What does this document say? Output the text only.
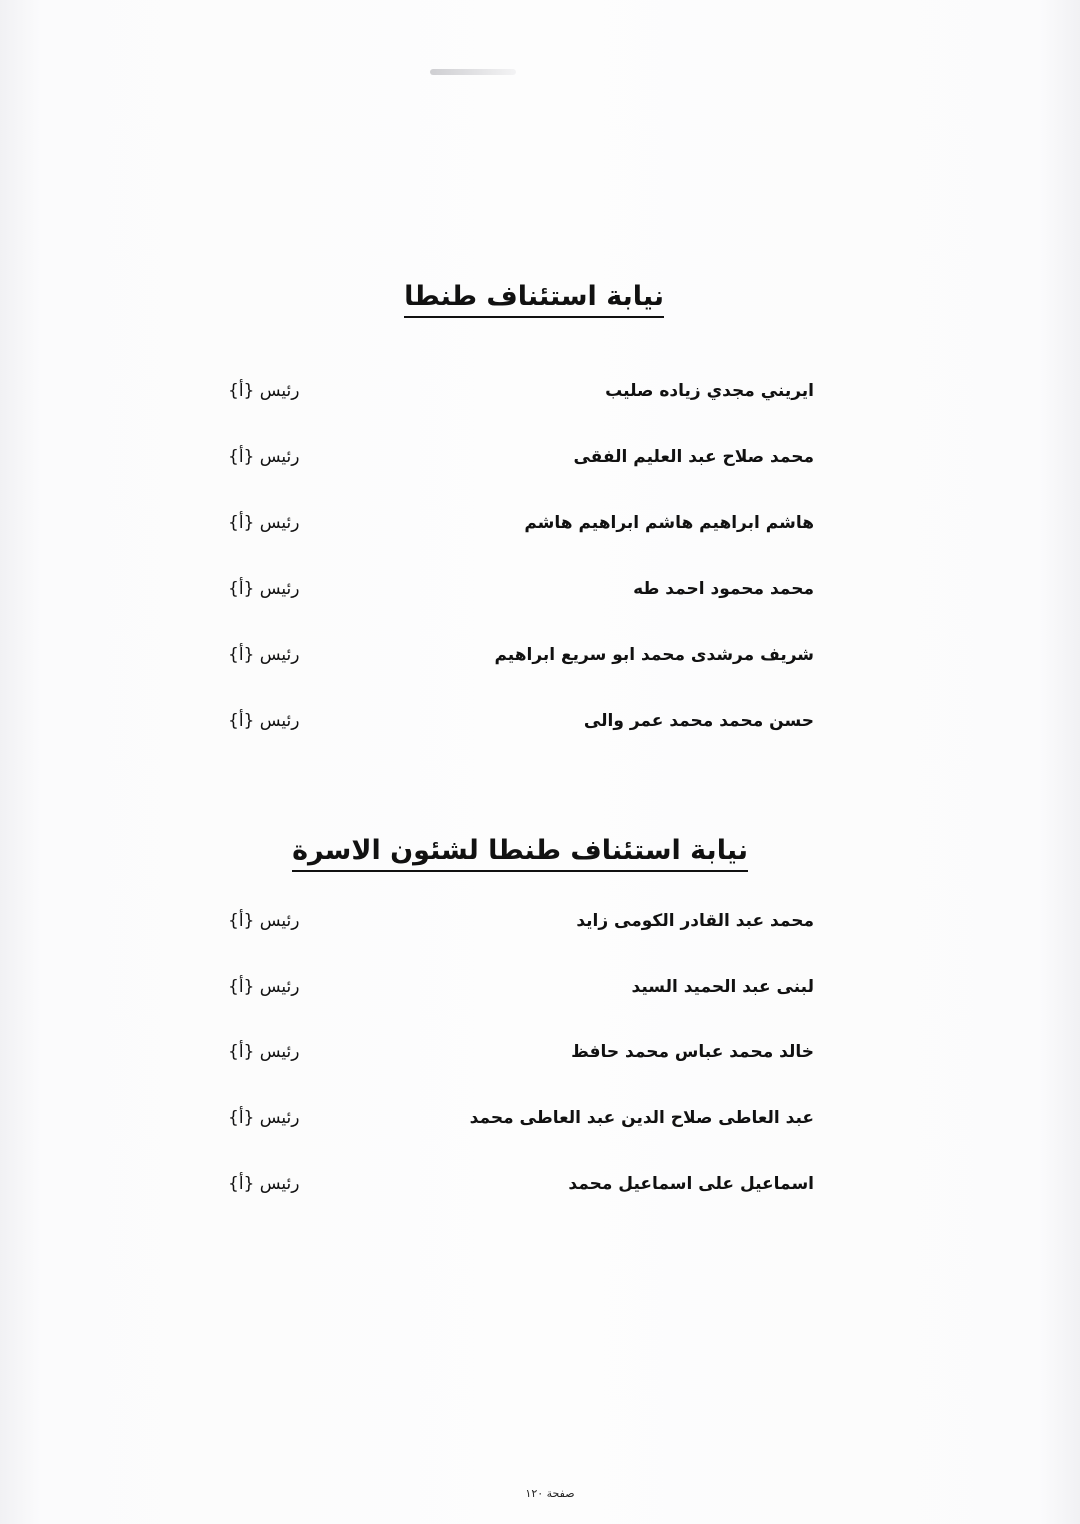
نيابة استئناف طنطا
ايريني مجدي زياده صليب
رئيس {أ}
محمد صلاح عبد العليم الفقى
رئيس {أ}
هاشم ابراهيم هاشم ابراهيم هاشم
رئيس {أ}
محمد محمود احمد طه
رئيس {أ}
شريف مرشدى محمد ابو سريع ابراهيم
رئيس {أ}
حسن محمد محمد عمر والى
رئيس {أ}
نيابة استئناف طنطا لشئون الاسرة
محمد عبد القادر الكومى زايد
رئيس {أ}
لبنى عبد الحميد السيد
رئيس {أ}
خالد محمد عباس محمد حافظ
رئيس {أ}
عبد العاطى صلاح الدين عبد العاطى محمد
رئيس {أ}
اسماعيل على اسماعيل محمد
رئيس {أ}
صفحة ١٢٠
